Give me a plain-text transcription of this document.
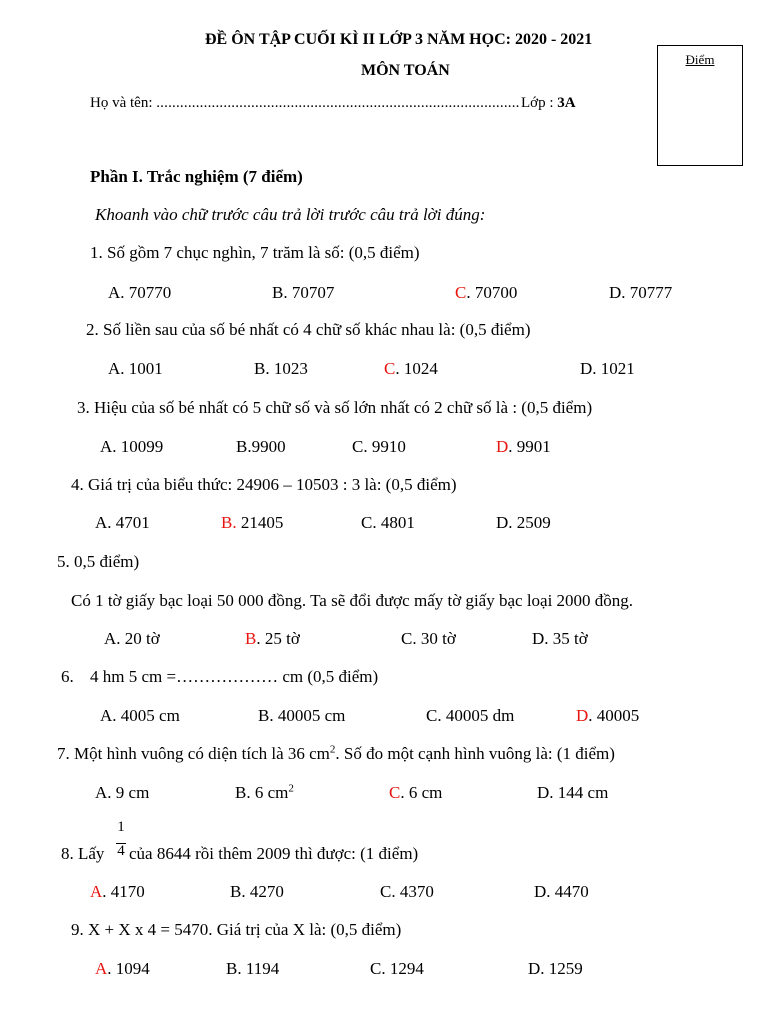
ĐỀ ÔN TẬP CUỐI KÌ II LỚP 3 NĂM HỌC: 2020 - 2021
MÔN TOÁN
Họ và tên: ............................................................................................ Lớp : 3A
Điểm
Phần I. Trắc nghiệm (7 điểm)
Khoanh vào chữ trước câu trả lời trước câu trả lời đúng:
1. Số gồm 7 chục nghìn, 7 trăm là số: (0,5 điểm)
A. 70770	B. 70707	C. 70700	D. 70777
2. Số liền sau của số bé nhất có 4 chữ số khác nhau là: (0,5 điểm)
A. 1001	B. 1023	C. 1024	D. 1021
3. Hiệu của số bé nhất có 5 chữ số và số lớn nhất có 2 chữ số là : (0,5 điểm)
A. 10099	B.9900	C. 9910	D. 9901
4. Giá trị của biểu thức: 24906 – 10503 : 3 là: (0,5 điểm)
A. 4701	B. 21405	C. 4801	D. 2509
5. 0,5 điểm)
Có 1 tờ giấy bạc loại 50 000 đồng. Ta sẽ đổi được mấy tờ giấy bạc loại 2000 đồng.
A. 20 tờ	B. 25 tờ	C. 30 tờ	D. 35 tờ
6. 4 hm 5 cm =……………… cm (0,5 điểm)
A. 4005 cm	B. 40005 cm	C. 40005 dm	D. 40005
7. Một hình vuông có diện tích là 36 $cm^2$. Số đo một cạnh hình vuông là: (1 điểm)
A. 9 cm	B. 6 $cm^2$	C. 6 cm	D. 144 cm
8. Lấy
1
4 của 8644 rồi thêm 2009 thì được: (1 điểm)
A. 4170	B. 4270	C. 4370	D. 4470
9. X + X x 4 = 5470. Giá trị của X là: (0,5 điểm)
A. 1094	B. 1194	C. 1294	D. 1259
